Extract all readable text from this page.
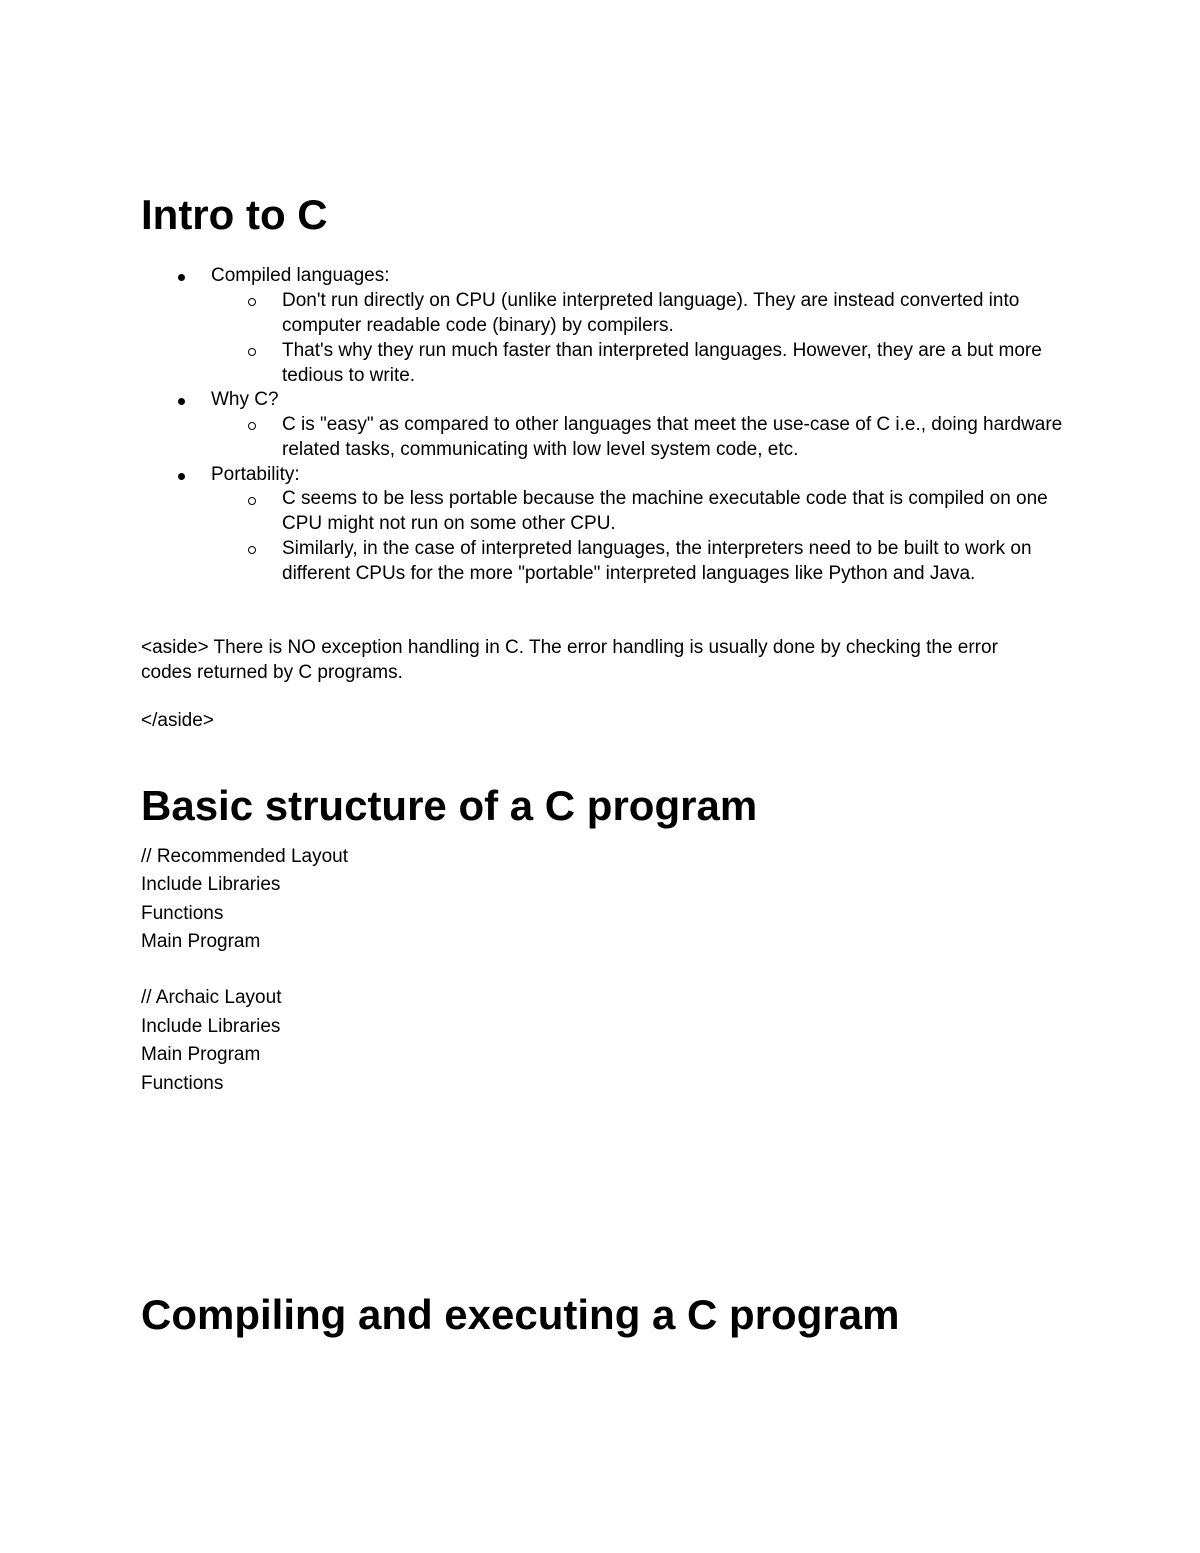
Intro to C

Compiled languages:

Don't run directly on CPU (unlike interpreted language). They are instead converted into computer readable code (binary) by compilers.

That's why they run much faster than interpreted languages. However, they are a but more tedious to write.

Why C?

C is "easy" as compared to other languages that meet the use-case of C i.e., doing hardware related tasks, communicating with low level system code, etc.

Portability:

C seems to be less portable because the machine executable code that is compiled on one CPU might not run on some other CPU.

Similarly, in the case of interpreted languages, the interpreters need to be built to work on different CPUs for the more "portable" interpreted languages like Python and Java.

<aside> There is NO exception handling in C. The error handling is usually done by checking the error codes returned by C programs.

</aside>

Basic structure of a C program

// Recommended Layout

Include Libraries

Functions

Main Program

// Archaic Layout

Include Libraries

Main Program

Functions

Compiling and executing a C program
